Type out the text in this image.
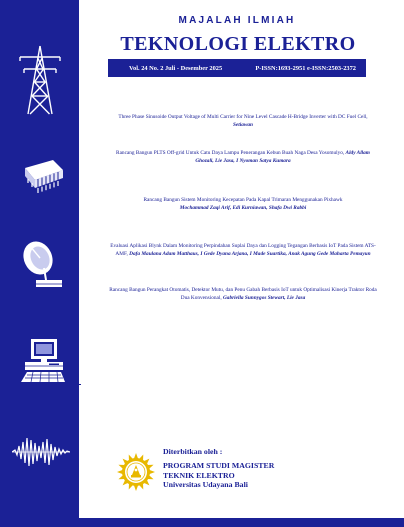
MAJALAH ILMIAH
TEKNOLOGI ELEKTRO
Vol. 24 No. 2 Juli - Desember 2025	P-ISSN:1693-2951 e-ISSN:2503-2372
Three Phase Sinusoide Output Voltage of Multi Carrier for Nine Level Cascade H-Bridge Inverter with DC Fuel Cell, Setiawan
Rancang Bangun PLTS Off-grid Untuk Catu Daya Lampu Penerangan Kebun Buah Naga Desa Yosomulyo, Aldy Allam Ghozali, Lie Jasa, I Nyoman Satya Kumara
Rancang Bangun Sistem Monitoring Kecepatan Pada Kapal Trimaran Menggunakan Pixhawk
Mochammad Zaqi Arif, Edi Kurniawan, Shafa Dwi Rabbi
Evaluasi Aplikasi Blynk Dalam Monitoring Perpindahan Suplai Daya dan Logging Tegangan Berbasis IoT Pada Sistem ATS-AMF, Dafa Maulana Adam Matthaus, I Gede Dyana Arjana, I Made Suartika, Anak Agung Gede Maharta Pemayun
Rancang Bangun Perangkat Otomatis, Detektor Mutu, dan Penu Gabah Berbasis IoT untuk Optimalisasi Kinerja Traktor Roda Dua Konvensional, Gabriella Sunnygos Stewart, Lie Jasa
Diterbitkan oleh :
PROGRAM STUDI MAGISTER
TEKNIK ELEKTRO
Universitas Udayana Bali
